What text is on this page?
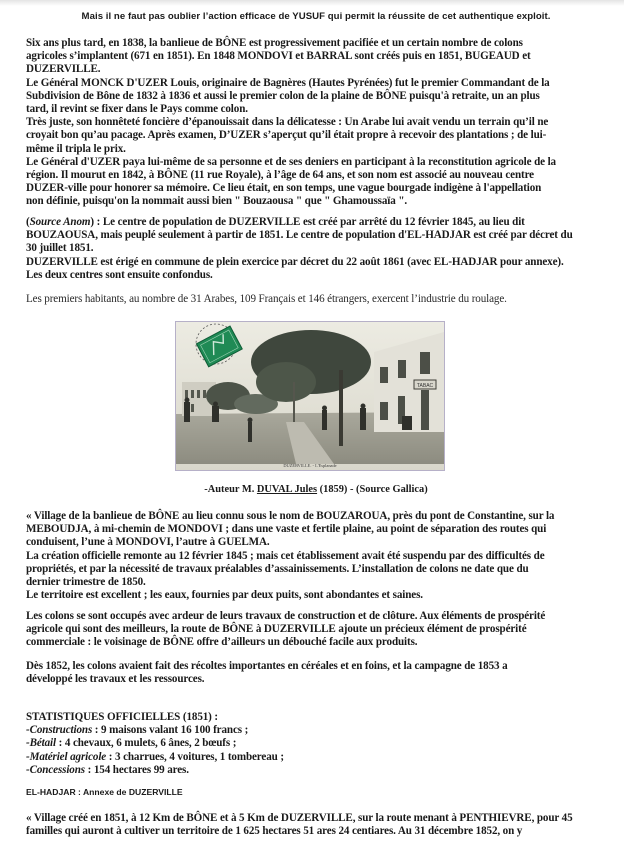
Mais il ne faut pas oublier l’action efficace de YUSUF qui permit la réussite de cet authentique exploit.
Six ans plus tard, en 1838, la banlieue de BÔNE est progressivement pacifiée et un certain nombre de colons
agricoles s’implantent (671 en 1851). En 1848 MONDOVI et BARRAL sont créés puis en 1851, BUGEAUD et
DUZERVILLE.
Le Général MONCK D'UZER Louis, originaire de Bagnères (Hautes Pyrénées) fut le premier Commandant de la
Subdivision de Bône de 1832 à 1836 et aussi le premier colon de la plaine de BÔNE puisqu'à retraite, un an plus
tard, il revint se fixer dans le Pays comme colon.
Très juste, son honnêteté foncière d’épanouissait dans la délicatesse : Un Arabe lui avait vendu un terrain qu’il ne
croyait bon qu’au pacage. Après examen, D’UZER s’aperçut qu’il était propre à recevoir des plantations ; de lui-
même il tripla le prix.
Le Général d'UZER paya lui-même de sa personne et de ses deniers en participant à la reconstitution agricole de la
région. Il mourut en 1842, à BÔNE (11 rue Royale), à l’âge de 64 ans, et son nom est associé au nouveau centre
DUZER-ville pour honorer sa mémoire. Ce lieu était, en son temps, une vague bourgade indigène à l'appellation
non définie, puisqu'on la nommait aussi bien " Bouzaousa " que " Ghamoussaïa ".
(Source Anom) : Le centre de population de DUZERVILLE est créé par arrêté du 12 février 1845, au lieu dit
BOUZAOUSA, mais peuplé seulement à partir de 1851. Le centre de population d'EL-HADJAR est créé par décret du
30 juillet 1851.
DUZERVILLE est érigé en commune de plein exercice par décret du 22 août 1861 (avec EL-HADJAR pour annexe).
Les deux centres sont ensuite confondus.
Les premiers habitants, au nombre de 31 Arabes, 109 Français et 146 étrangers, exercent l’industrie du roulage.
TABAC
DUZERVILLE. - L'Esplanade
-Auteur M. DUVAL Jules (1859) - (Source Gallica)
« Village de la banlieue de BÔNE au lieu connu sous le nom de BOUZAROUA, près du pont de Constantine, sur la
MEBOUDJA, à mi-chemin de MONDOVI ; dans une vaste et fertile plaine, au point de séparation des routes qui
conduisent, l’une à MONDOVI, l’autre à GUELMA.
La création officielle remonte au 12 février 1845 ; mais cet établissement avait été suspendu par des difficultés de
propriétés, et par la nécessité de travaux préalables d’assainissements. L’installation de colons ne date que du
dernier trimestre de 1850.
Le territoire est excellent ; les eaux, fournies par deux puits, sont abondantes et saines.
Les colons se sont occupés avec ardeur de leurs travaux de construction et de clôture. Aux éléments de prospérité
agricole qui sont des meilleurs, la route de BÔNE à DUZERVILLE ajoute un précieux élément de prospérité
commerciale : le voisinage de BÔNE offre d’ailleurs un débouché facile aux produits.
Dès 1852, les colons avaient fait des récoltes importantes en céréales et en foins, et la campagne de 1853 a
développé les travaux et les ressources.
STATISTIQUES OFFICIELLES (1851) :
-Constructions : 9 maisons valant 16 100 francs ;
-Bétail : 4 chevaux, 6 mulets, 6 ânes, 2 bœufs ;
-Matériel agricole : 3 charrues, 4 voitures, 1 tombereau ;
-Concessions : 154 hectares 99 ares.
EL-HADJAR : Annexe de DUZERVILLE
« Village créé en 1851, à 12 Km de BÔNE et à 5 Km de DUZERVILLE, sur la route menant à PENTHIEVRE, pour 45
familles qui auront à cultiver un territoire de 1 625 hectares 51 ares 24 centiares. Au 31 décembre 1852, on y
